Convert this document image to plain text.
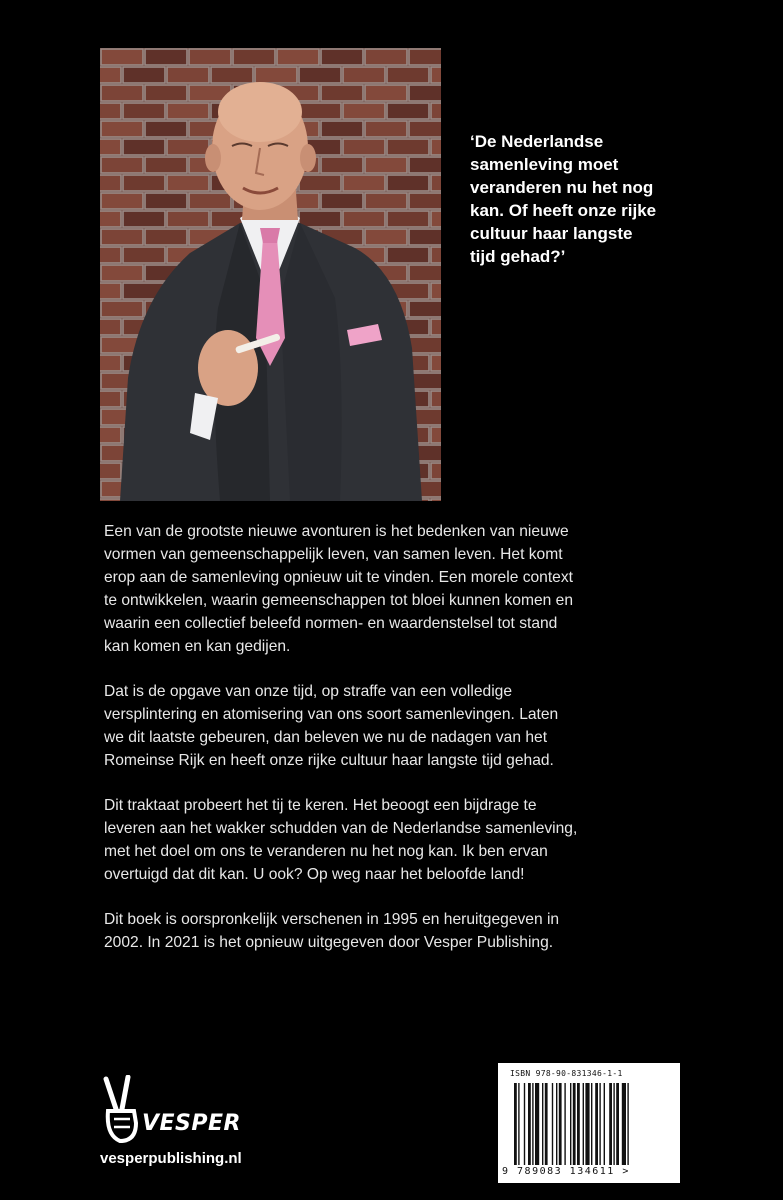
‘De Nederlandse
samenleving moet
veranderen nu het nog
kan. Of heeft onze rijke
cultuur haar langste
tijd gehad?’

Een van de grootste nieuwe avonturen is het bedenken van nieuwe
vormen van gemeenschappelijk leven, van samen leven. Het komt
erop aan de samenleving opnieuw uit te vinden. Een morele context
te ontwikkelen, waarin gemeenschappen tot bloei kunnen komen en
waarin een collectief beleefd normen- en waardenstelsel tot stand
kan komen en kan gedijen.

Dat is de opgave van onze tijd, op straffe van een volledige
versplintering en atomisering van ons soort samenlevingen. Laten
we dit laatste gebeuren, dan beleven we nu de nadagen van het
Romeinse Rijk en heeft onze rijke cultuur haar langste tijd gehad.

Dit traktaat probeert het tij te keren. Het beoogt een bijdrage te
leveren aan het wakker schudden van de Nederlandse samenleving,
met het doel om ons te veranderen nu het nog kan. Ik ben ervan
overtuigd dat dit kan. U ook? Op weg naar het beloofde land!

Dit boek is oorspronkelijk verschenen in 1995 en heruitgegeven in
2002. In 2021 is het opnieuw uitgegeven door Vesper Publishing.

VESPER
vesperpublishing.nl
ISBN 978-90-831346-1-1
9 789083 134611 >
